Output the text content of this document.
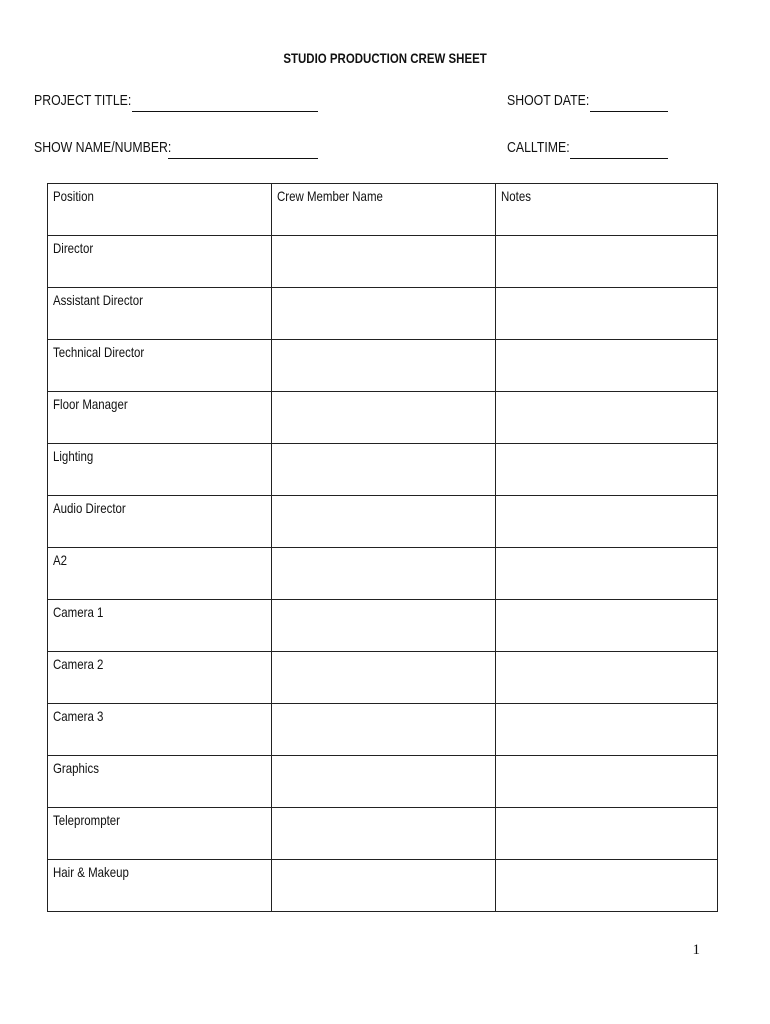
STUDIO PRODUCTION CREW SHEET
PROJECT TITLE:	SHOOT DATE:
SHOW NAME/NUMBER:	CALLTIME:
Position	Crew Member Name	Notes
Director		
Assistant Director		
Technical Director		
Floor Manager		
Lighting		
Audio Director		
A2		
Camera 1		
Camera 2		
Camera 3		
Graphics		
Teleprompter		
Hair & Makeup		
1
